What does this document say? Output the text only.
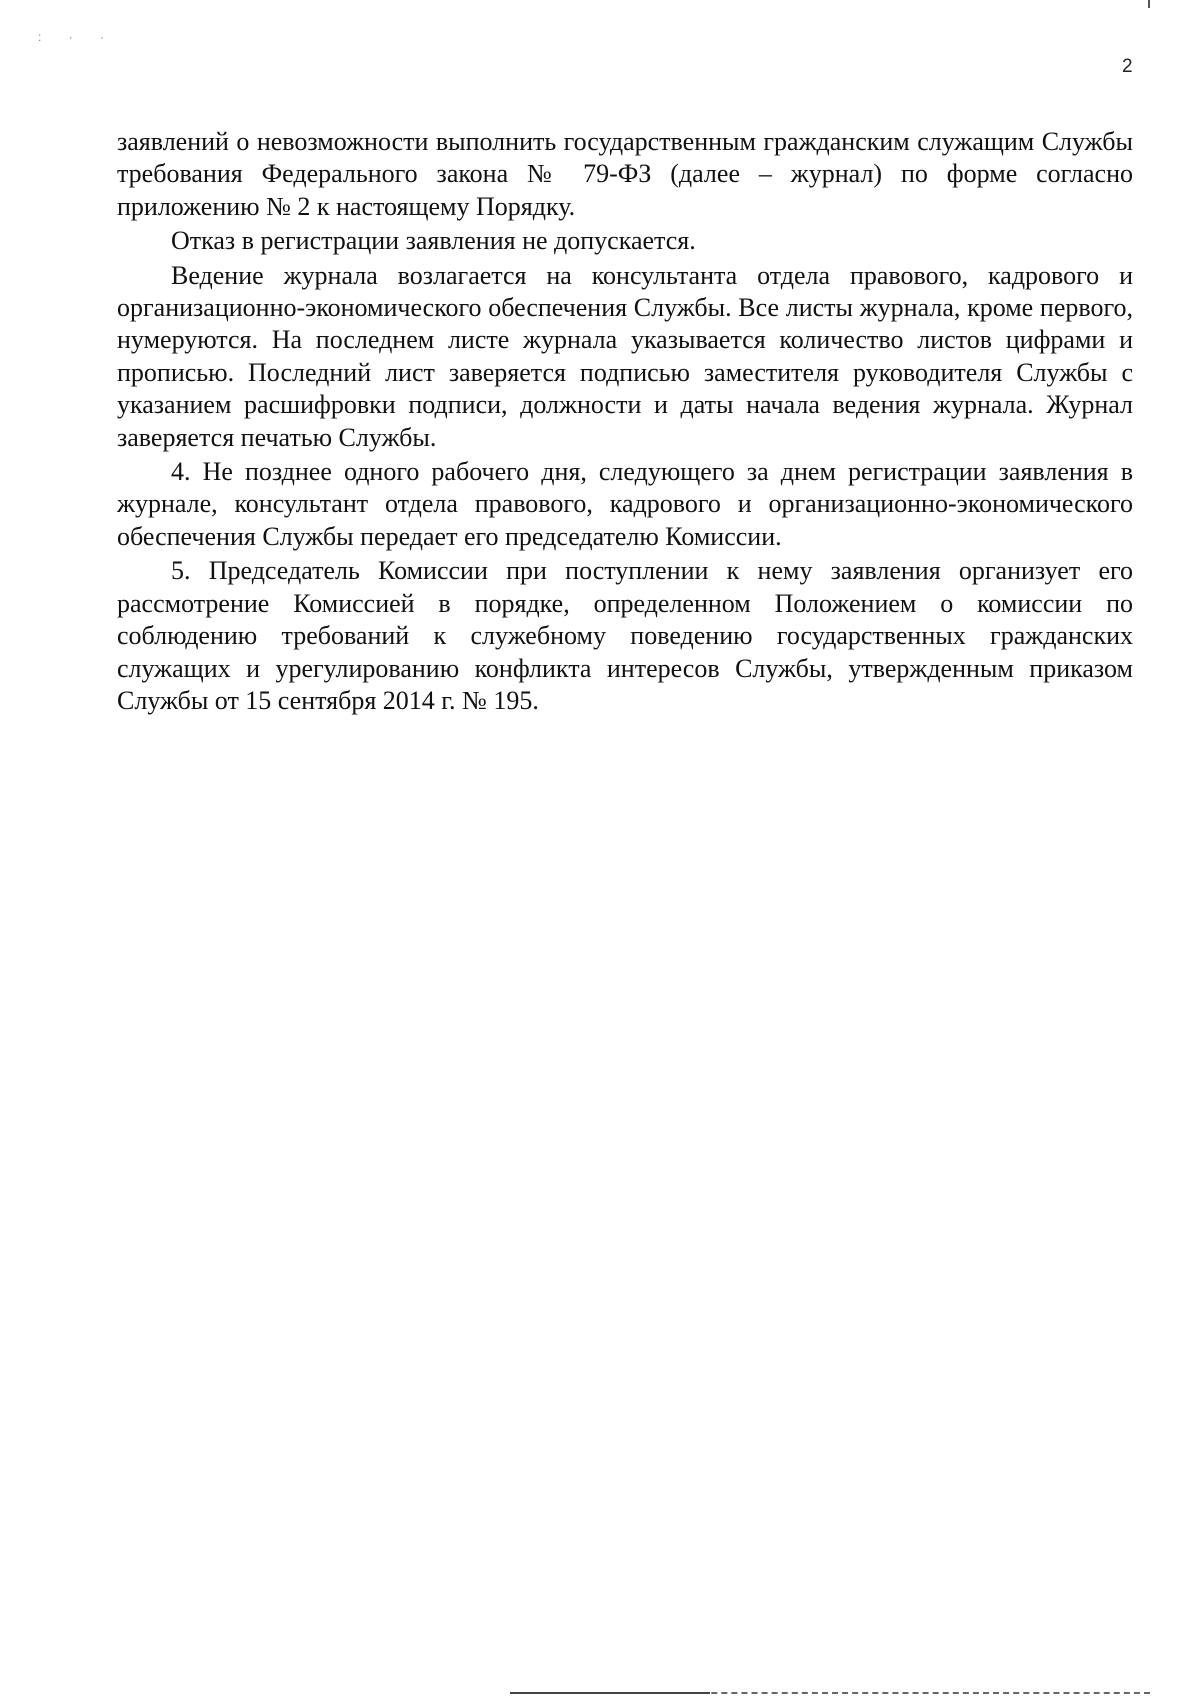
: · ·
2

заявлений о невозможности выполнить государственным гражданским служащим Службы требования Федерального закона № 79-ФЗ (далее – журнал) по форме согласно приложению № 2 к настоящему Порядку.

Отказ в регистрации заявления не допускается.

Ведение журнала возлагается на консультанта отдела правового, кадрового и организационно-экономического обеспечения Службы. Все листы журнала, кроме первого, нумеруются. На последнем листе журнала указывается количество листов цифрами и прописью. Последний лист заверяется подписью заместителя руководителя Службы с указанием расшифровки подписи, должности и даты начала ведения журнала. Журнал заверяется печатью Службы.

4. Не позднее одного рабочего дня, следующего за днем регистрации заявления в журнале, консультант отдела правового, кадрового и организационно-экономического обеспечения Службы передает его председателю Комиссии.

5. Председатель Комиссии при поступлении к нему заявления организует его рассмотрение Комиссией в порядке, определенном Положением о комиссии по соблюдению требований к служебному поведению государственных гражданских служащих и урегулированию конфликта интересов Службы, утвержденным приказом Службы от 15 сентября 2014 г. № 195.
